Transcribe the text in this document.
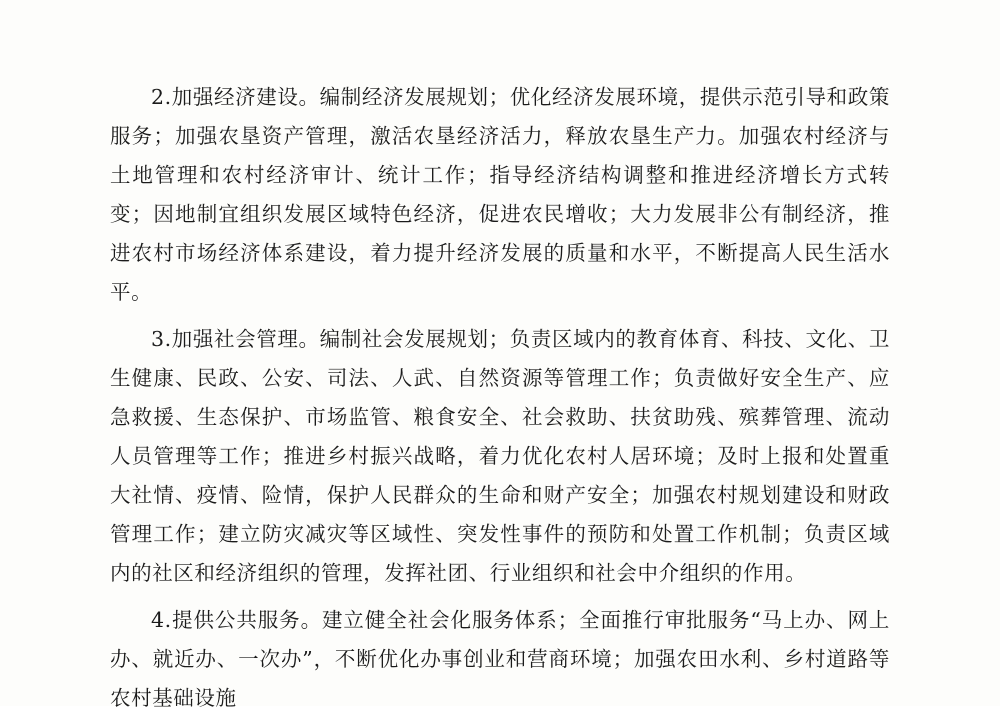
2.加强经济建设。编制经济发展规划；优化经济发展环境，提供示范引导和政策服务；加强农垦资产管理，激活农垦经济活力，释放农垦生产力。加强农村经济与土地管理和农村经济审计、统计工作；指导经济结构调整和推进经济增长方式转变；因地制宜组织发展区域特色经济，促进农民增收；大力发展非公有制经济，推进农村市场经济体系建设，着力提升经济发展的质量和水平，不断提高人民生活水平。

3.加强社会管理。编制社会发展规划；负责区域内的教育体育、科技、文化、卫生健康、民政、公安、司法、人武、自然资源等管理工作；负责做好安全生产、应急救援、生态保护、市场监管、粮食安全、社会救助、扶贫助残、殡葬管理、流动人员管理等工作；推进乡村振兴战略，着力优化农村人居环境；及时上报和处置重大社情、疫情、险情，保护人民群众的生命和财产安全；加强农村规划建设和财政管理工作；建立防灾减灾等区域性、突发性事件的预防和处置工作机制；负责区域内的社区和经济组织的管理，发挥社团、行业组织和社会中介组织的作用。

4.提供公共服务。建立健全社会化服务体系；全面推行审批服务“马上办、网上办、就近办、一次办”，不断优化办事创业和营商环境；加强农田水利、乡村道路等农村基础设施
